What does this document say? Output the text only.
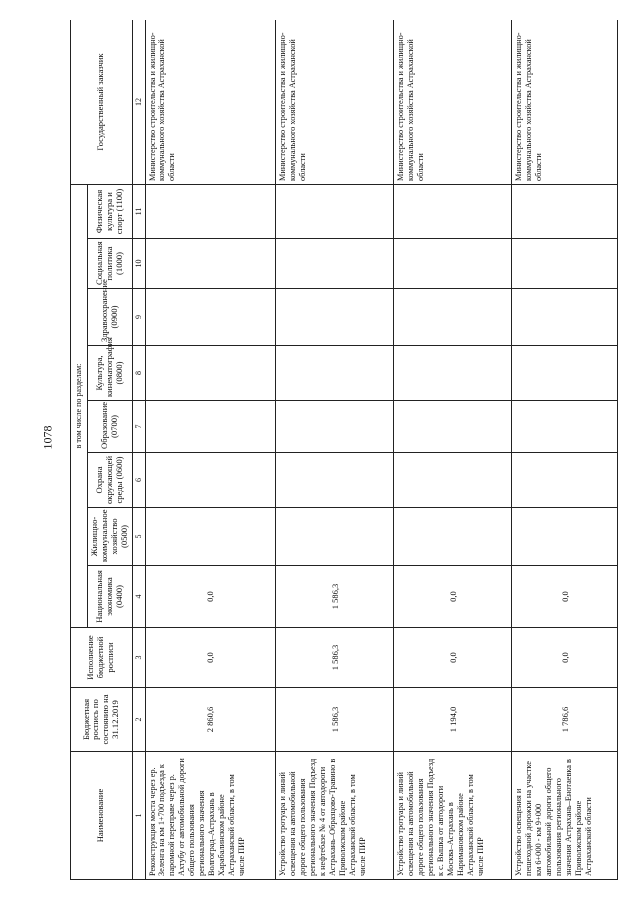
1078
Наименование	Бюджетная роспись по состоянию на 31.12.2019	Исполнение бюджетной росписи	в том числе по разделам:								Государственный заказчик
			Национальная экономика (0400)	Жилищно-коммунальное хозяйство (0500)	Охрана окружающей среды (0600)	Образование (0700)	Культура, кинематография (0800)	Здравоохранение (0900)	Социальная политика (1000)	Физическая культура и спорт (1100)	
1	2	3	4	5	6	7	8	9	10	11	12
Реконструкция моста через ер. Зеленга на км 1+700 подъезда к паромной переправе через р. Ахтубу от автомобильной дороги общего пользования регионального значения Волгоград–Астрахань в Харабалинском районе Астраханской области, в том числе ПИР	2 860,6	0,0	0,0								Министерство строительства и жилищно-коммунального хозяйства Астраханской области
Устройство тротуара и линий освещения на автомобильной дороге общего пользования регионального значения Подъезд к нефтебазе № 4 от автодороги Астрахань–Образцово-Травино в Приволжском районе Астраханской области, в том числе ПИР	1 586,3	1 586,3	1 586,3								Министерство строительства и жилищно-коммунального хозяйства Астраханской области
Устройство тротуара и линий освещения на автомобильной дороге общего пользования регионального значения Подъезд к с. Вышка от автодороги Москва–Астрахань в Наримановском районе Астраханской области, в том числе ПИР	1 194,0	0,0	0,0								Министерство строительства и жилищно-коммунального хозяйства Астраханской области
Устройство освещения и пешеходной дорожки на участке км 6+000 - км 9+000 автомобильной дороги общего пользования регионального значения Астрахань–Енотаевка в Приволжском районе Астраханской области	1 786,6	0,0	0,0								Министерство строительства и жилищно-коммунального хозяйства Астраханской области
